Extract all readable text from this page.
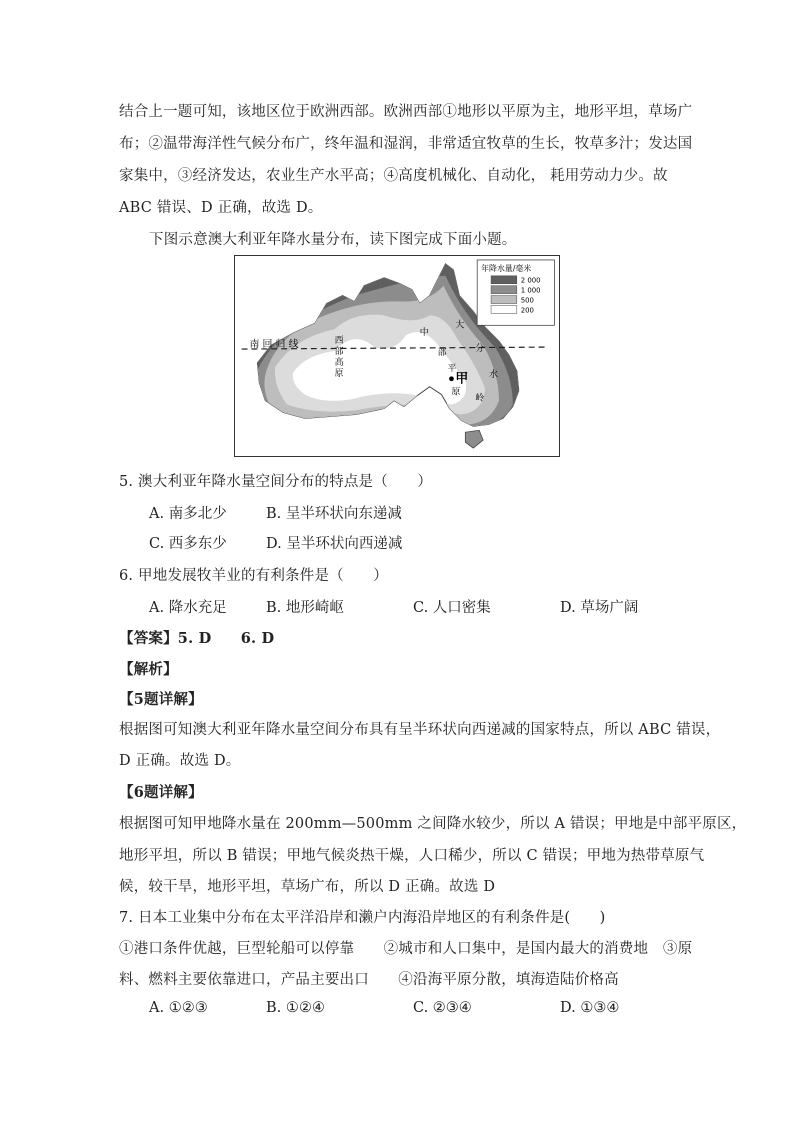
结合上一题可知，该地区位于欧洲西部。欧洲西部①地形以平原为主，地形平坦，草场广
布；②温带海洋性气候分布广，终年温和湿润，非常适宜牧草的生长，牧草多汁；发达国
家集中，③经济发达，农业生产水平高；④高度机械化、自动化， 耗用劳动力少。故
ABC 错误、D 正确，故选 D。
下图示意澳大利亚年降水量分布，读下图完成下面小题。
年降水量/毫米
2 000
1 000
500
200
南 回 归 线	西
部
高
原
中
部
平
原
大
分
水
岭
甲
5. 澳大利亚年降水量空间分布的特点是（　　）
A. 南多北少	B. 呈半环状向东递减
C. 西多东少	D. 呈半环状向西递减
6. 甲地发展牧羊业的有利条件是（　　）
A. 降水充足	B. 地形崎岖	C. 人口密集	D. 草场广阔
【答案】5. D　　6. D
【解析】
【5题详解】
根据图可知澳大利亚年降水量空间分布具有呈半环状向西递减的国家特点，所以 ABC 错误，
D 正确。故选 D。
【6题详解】
根据图可知甲地降水量在 200mm—500mm 之间降水较少，所以 A 错误；甲地是中部平原区，
地形平坦，所以 B 错误；甲地气候炎热干燥，人口稀少，所以 C 错误；甲地为热带草原气
候，较干旱，地形平坦，草场广布，所以 D 正确。故选 D
7. 日本工业集中分布在太平洋沿岸和濑户内海沿岸地区的有利条件是(　　)
①港口条件优越，巨型轮船可以停靠　　②城市和人口集中，是国内最大的消费地　③原
料、燃料主要依靠进口，产品主要出口　　④沿海平原分散，填海造陆价格高
A. ①②③	B. ①②④	C. ②③④	D. ①③④
